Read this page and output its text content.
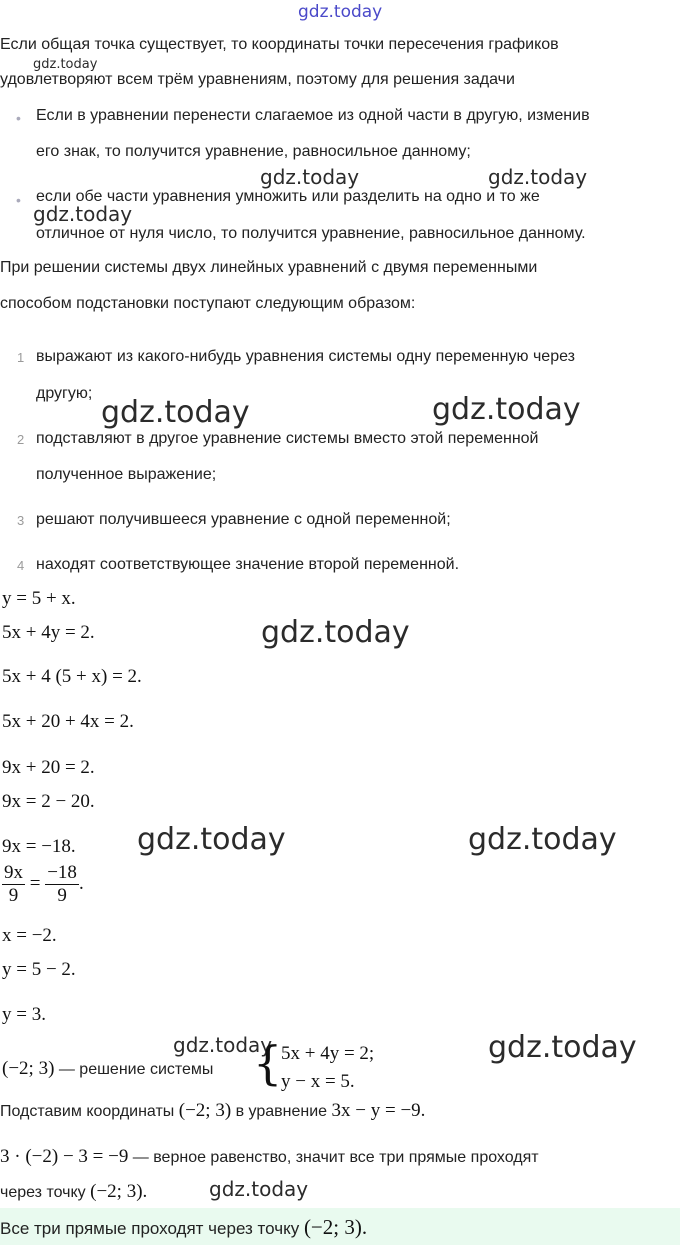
gdz.today
Если общая точка существует, то координаты точки пересечения графиков
gdz.today
удовлетворяют всем трём уравнениям, поэтому для решения задачи
• Если в уравнении перенести слагаемое из одной части в другую, изменив
его знак, то получится уравнение, равносильное данному;
gdz.today	gdz.today
• если обе части уравнения умножить или разделить на одно и то же
gdz.today
отличное от нуля число, то получится уравнение, равносильное данному.
При решении системы двух линейных уравнений с двумя переменными
способом подстановки поступают следующим образом:
1 выражают из какого-нибудь уравнения системы одну переменную через
другую;
gdz.today	gdz.today
2 подставляют в другое уравнение системы вместо этой переменной
полученное выражение;
3 решают получившееся уравнение с одной переменной;
4 находят соответствующее значение второй переменной.
y = 5 + x.
5x + 4y = 2.	gdz.today
5x + 4 (5 + x) = 2.
5x + 20 + 4x = 2.
9x + 20 = 2.
9x = 2 − 20.
9x = −18. gdz.today	gdz.today
$\frac{9x}{9} = \frac{-18}{9}$ .
x = −2.
y = 5 − 2.
y = 3.
gdz.today	gdz.today
(−2; 3) — решение системы {
5x + 4y = 2;
y − x = 5.
Подставим координаты (−2; 3) в уравнение 3x − y = −9.
3 · (−2) − 3 = −9 — верное равенство, значит все три прямые проходят
через точку (−2; 3).	gdz.today
Все три прямые проходят через точку (−2; 3).
